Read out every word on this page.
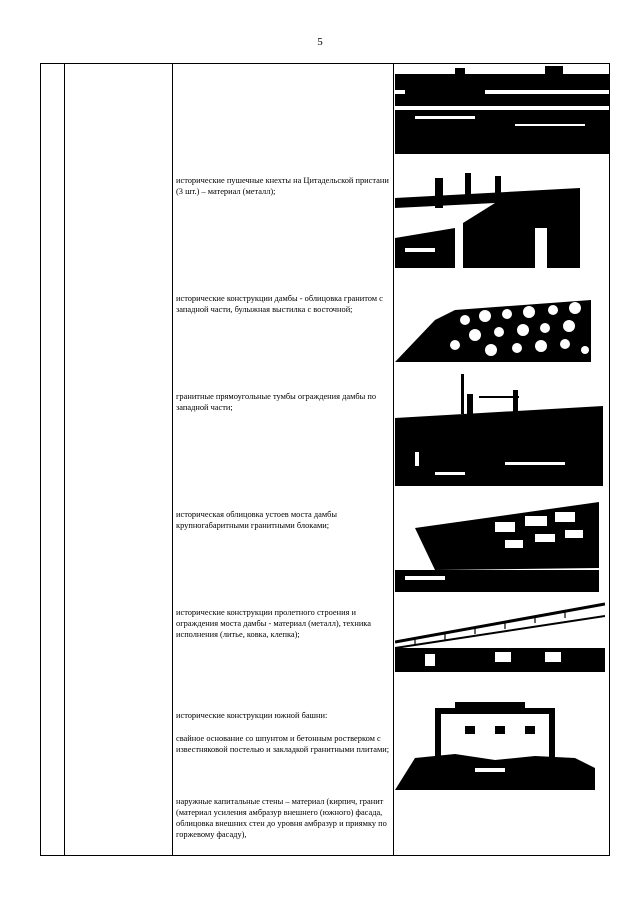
5

исторические пушечные кнехты на Цитадельской пристани (3 шт.) – материал (металл);

исторические конструкции дамбы - облицовка гранитом с западной части, булыжная выстилка с восточной;

гранитные прямоугольные тумбы ограждения дамбы по западной части;

историческая облицовка устоев моста дамбы крупногабаритными гранитными блоками;

исторические конструкции пролетного строения и ограждения моста дамбы - материал (металл), техника исполнения (литье, ковка, клепка);

исторические конструкции южной башни:

свайное основание со шпунтом и бетонным ростверком с известняковой постелью и закладкой гранитными плитами;

наружные капитальные стены – материал (кирпич, гранит (материал усиления амбразур внешнего (южного) фасада, облицовка внешних стен до уровня амбразур и приямку по горжевому фасаду),
